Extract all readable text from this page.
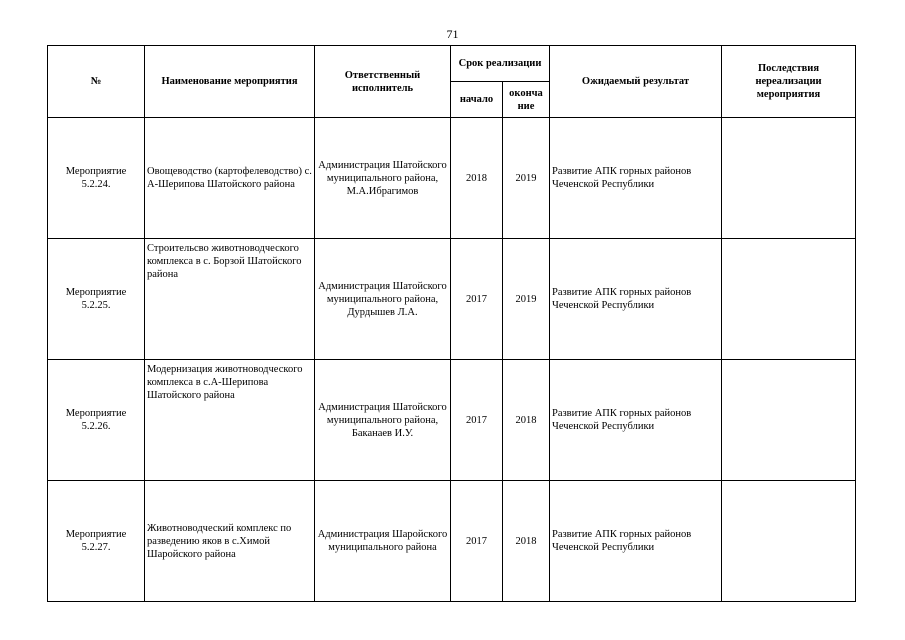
71
№	Наименование мероприятия	Ответственный исполнитель	Срок реализации		Ожидаемый результат	Последствия нереализации мероприятия
			начало	оконча ние		
Мероприятие 5.2.24.	Овощеводство (картофелеводство) с. А-Шерипова Шатойского района	Администрация Шатойского муниципального района, М.А.Ибрагимов	2018	2019	Развитие АПК горных районов Чеченской Республики	
Мероприятие 5.2.25.	Строительсво животноводческого комплекса в с. Борзой Шатойского района	Администрация Шатойского муниципального района, Дурдышев Л.А.	2017	2019	Развитие АПК горных районов Чеченской Республики	
Мероприятие 5.2.26.	Модернизация животноводческого комплекса в с.А-Шерипова Шатойского района	Администрация Шатойского муниципального района, Баканаев И.У.	2017	2018	Развитие АПК горных районов Чеченской Республики	
Мероприятие 5.2.27.	Животноводческий комплекс по разведению яков в с.Химой Шаройского района	Администрация Шаройского муниципального района	2017	2018	Развитие АПК горных районов Чеченской Республики	
